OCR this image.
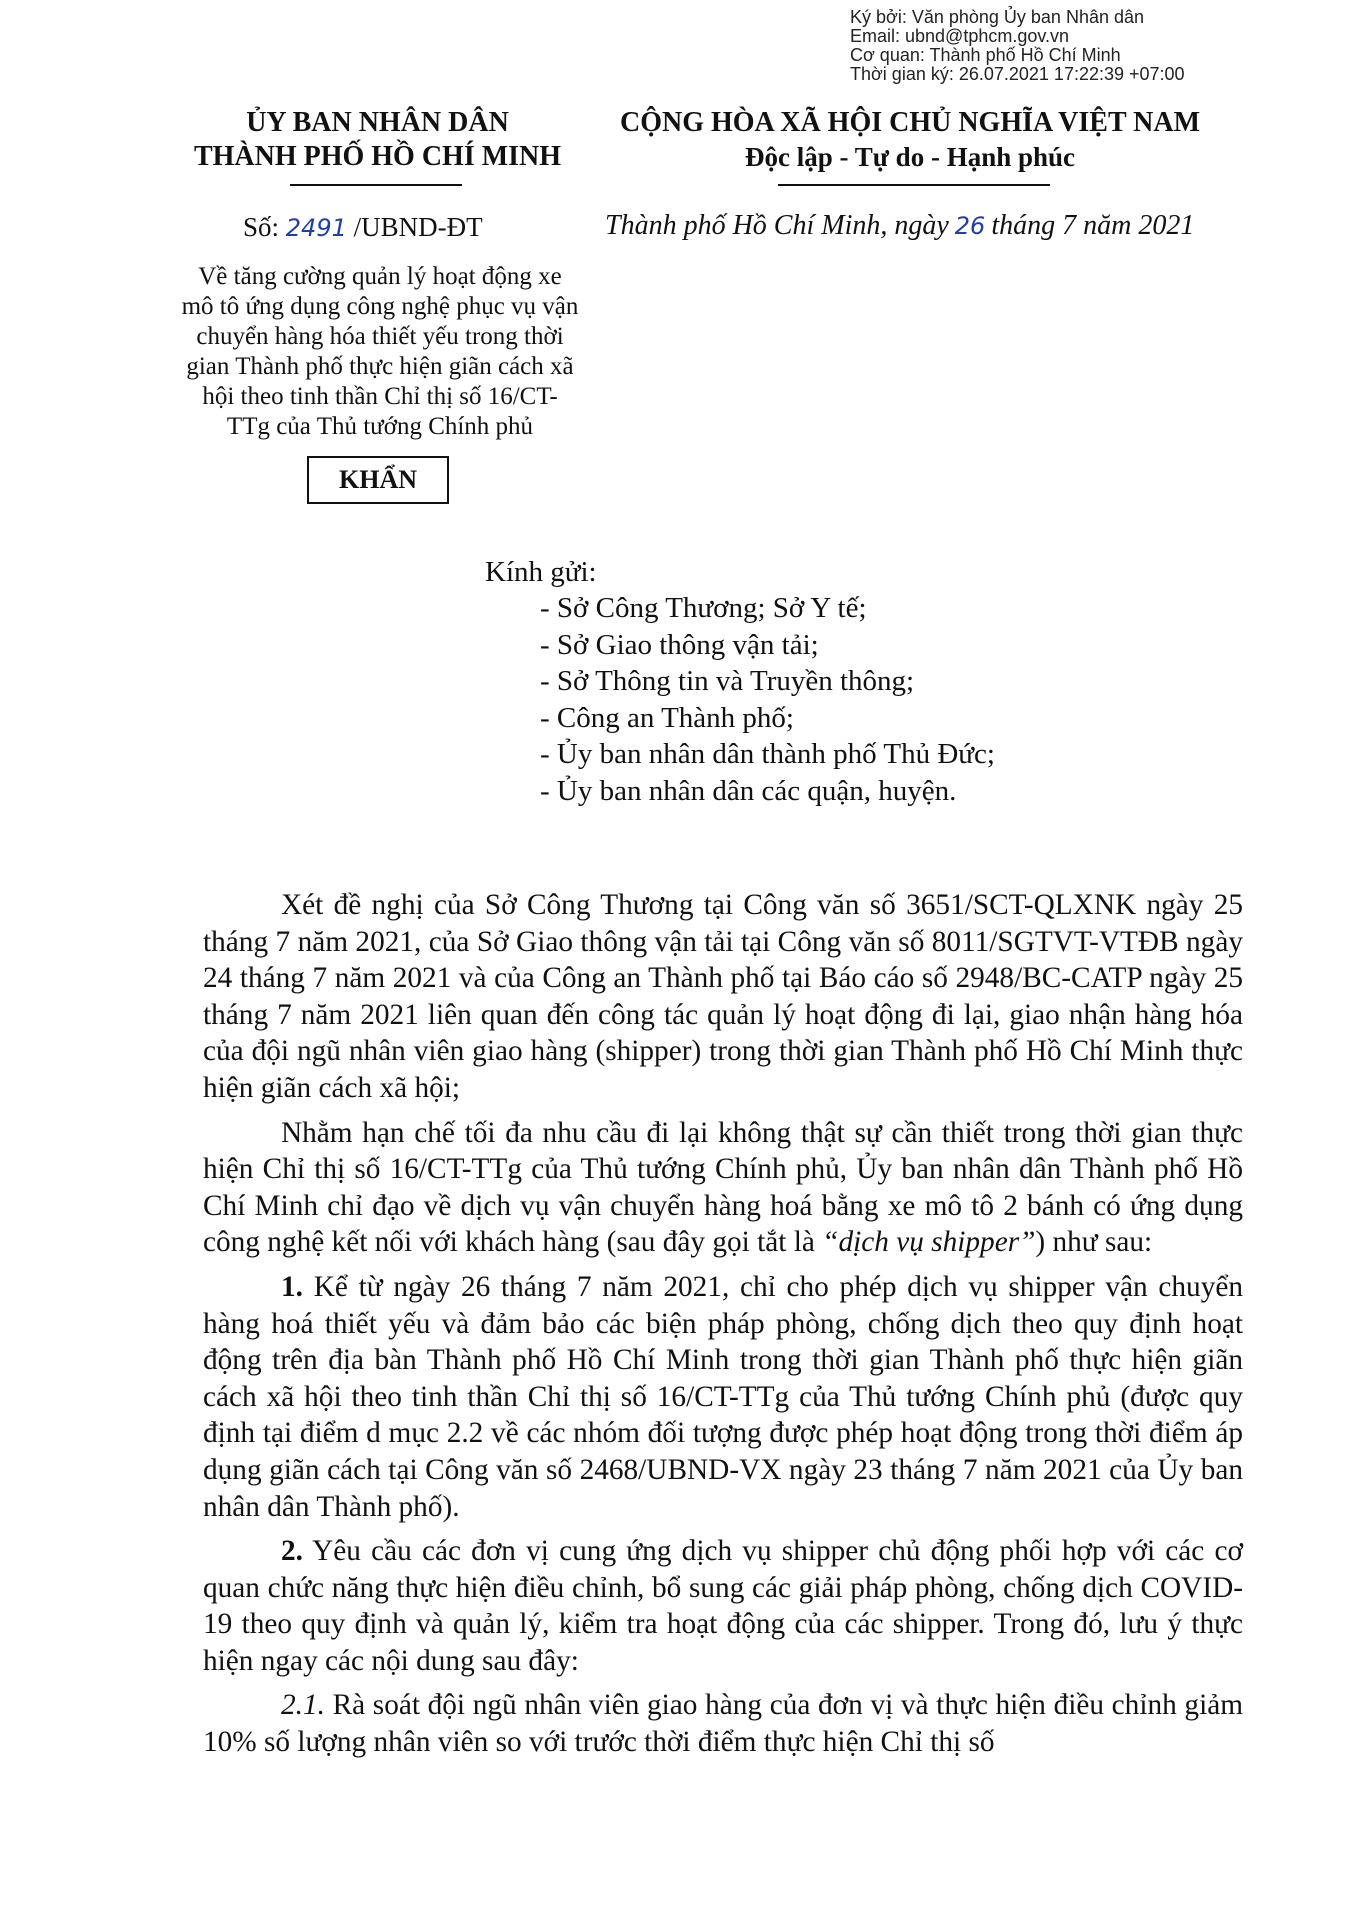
Ký bởi: Văn phòng Ủy ban Nhân dân
Email: ubnd@tphcm.gov.vn
Cơ quan: Thành phố Hồ Chí Minh
Thời gian ký: 26.07.2021 17:22:39 +07:00
ỦY BAN NHÂN DÂN
THÀNH PHỐ HỒ CHÍ MINH
CỘNG HÒA XÃ HỘI CHỦ NGHĨA VIỆT NAM
Độc lập - Tự do - Hạnh phúc
Số: 2491 /UBND-ĐT	Thành phố Hồ Chí Minh, ngày 26 tháng 7 năm 2021
Về tăng cường quản lý hoạt động xe
mô tô ứng dụng công nghệ phục vụ vận
chuyển hàng hóa thiết yếu trong thời
gian Thành phố thực hiện giãn cách xã
hội theo tinh thần Chỉ thị số 16/CT-
TTg của Thủ tướng Chính phủ
KHẨN
Kính gửi:
- Sở Công Thương; Sở Y tế;
- Sở Giao thông vận tải;
- Sở Thông tin và Truyền thông;
- Công an Thành phố;
- Ủy ban nhân dân thành phố Thủ Đức;
- Ủy ban nhân dân các quận, huyện.

Xét đề nghị của Sở Công Thương tại Công văn số 3651/SCT-QLXNK ngày 25 tháng 7 năm 2021, của Sở Giao thông vận tải tại Công văn số 8011/SGTVT-VTĐB ngày 24 tháng 7 năm 2021 và của Công an Thành phố tại Báo cáo số 2948/BC-CATP ngày 25 tháng 7 năm 2021 liên quan đến công tác quản lý hoạt động đi lại, giao nhận hàng hóa của đội ngũ nhân viên giao hàng (shipper) trong thời gian Thành phố Hồ Chí Minh thực hiện giãn cách xã hội;

Nhằm hạn chế tối đa nhu cầu đi lại không thật sự cần thiết trong thời gian thực hiện Chỉ thị số 16/CT-TTg của Thủ tướng Chính phủ, Ủy ban nhân dân Thành phố Hồ Chí Minh chỉ đạo về dịch vụ vận chuyển hàng hoá bằng xe mô tô 2 bánh có ứng dụng công nghệ kết nối với khách hàng (sau đây gọi tắt là “dịch vụ shipper”) như sau:

1. Kể từ ngày 26 tháng 7 năm 2021, chỉ cho phép dịch vụ shipper vận chuyển hàng hoá thiết yếu và đảm bảo các biện pháp phòng, chống dịch theo quy định hoạt động trên địa bàn Thành phố Hồ Chí Minh trong thời gian Thành phố thực hiện giãn cách xã hội theo tinh thần Chỉ thị số 16/CT-TTg của Thủ tướng Chính phủ (được quy định tại điểm d mục 2.2 về các nhóm đối tượng được phép hoạt động trong thời điểm áp dụng giãn cách tại Công văn số 2468/UBND-VX ngày 23 tháng 7 năm 2021 của Ủy ban nhân dân Thành phố).

2. Yêu cầu các đơn vị cung ứng dịch vụ shipper chủ động phối hợp với các cơ quan chức năng thực hiện điều chỉnh, bổ sung các giải pháp phòng, chống dịch COVID-19 theo quy định và quản lý, kiểm tra hoạt động của các shipper. Trong đó, lưu ý thực hiện ngay các nội dung sau đây:

2.1. Rà soát đội ngũ nhân viên giao hàng của đơn vị và thực hiện điều chỉnh giảm 10% số lượng nhân viên so với trước thời điểm thực hiện Chỉ thị số
